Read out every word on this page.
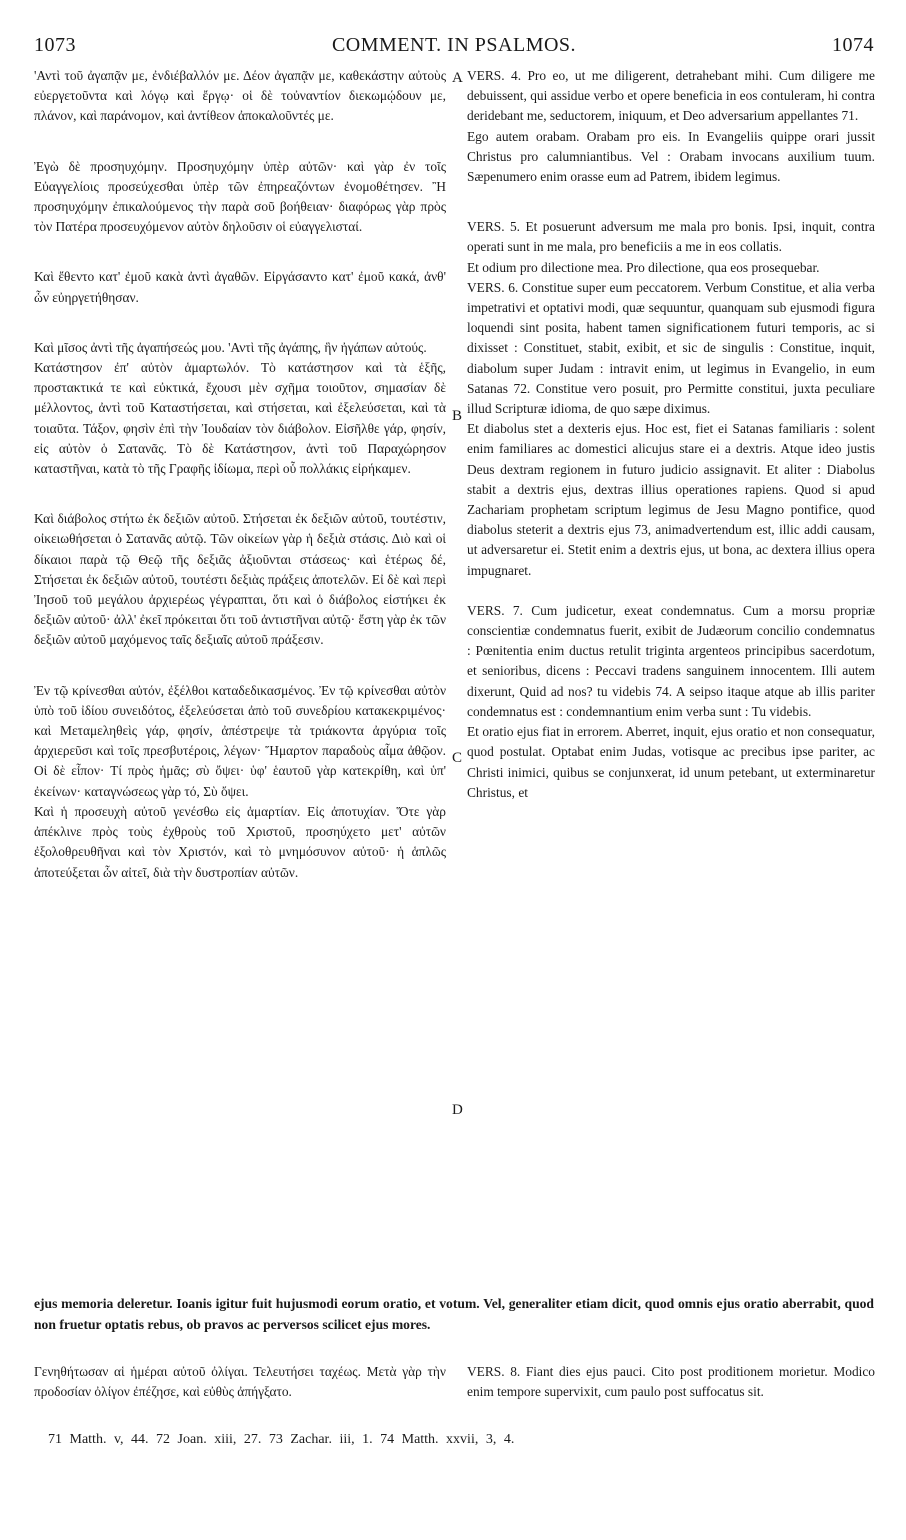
1073	COMMENT. IN PSALMOS.	1074
A
B
C
D

'Αντὶ τοῦ ἀγαπᾷν με, ἐνδιέβαλλόν με. Δέον ἀγαπᾷν με, καθεκάστην αὐτοὺς εὐεργετοῦντα καὶ λόγῳ καὶ ἔργῳ· οἱ δὲ τοὐναντίον διεκωμῴδουν με, πλάνον, καὶ παράνομον, καὶ ἀντίθεον ἀποκαλοῦντές με.

Ἐγὼ δὲ προσηυχόμην. Προσηυχόμην ὑπὲρ αὐτῶν· καὶ γὰρ ἐν τοῖς Εὐαγγελίοις προσεύχεσθαι ὑπὲρ τῶν ἐπηρεαζόντων ἐνομοθέτησεν. Ἢ προσηυχόμην ἐπικαλούμενος τὴν παρὰ σοῦ βοήθειαν· διαφόρως γὰρ πρὸς τὸν Πατέρα προσευχόμενον αὐτὸν δηλοῦσιν οἱ εὐαγγελισταί.

Καὶ ἔθεντο κατ' ἐμοῦ κακὰ ἀντὶ ἀγαθῶν. Εἰργάσαντο κατ' ἐμοῦ κακά, ἀνθ' ὧν εὐηργετήθησαν.

Καὶ μῖσος ἀντὶ τῆς ἀγαπήσεώς μου. 'Αντὶ τῆς ἀγάπης, ἣν ἠγάπων αὐτούς.

Κατάστησον ἐπ' αὐτὸν ἁμαρτωλόν. Τὸ κατάστησον καὶ τὰ ἑξῆς, προστακτικά τε καὶ εὐκτικά, ἔχουσι μὲν σχῆμα τοιοῦτον, σημασίαν δὲ μέλλοντος, ἀντὶ τοῦ Καταστήσεται, καὶ στήσεται, καὶ ἐξελεύσεται, καὶ τὰ τοιαῦτα. Τάξον, φησὶν ἐπὶ τὴν Ἰουδαίαν τὸν διάβολον. Εἰσῆλθε γάρ, φησίν, εἰς αὐτὸν ὁ Σατανᾶς. Τὸ δὲ Κατάστησον, ἀντὶ τοῦ Παραχώρησον καταστῆναι, κατὰ τὸ τῆς Γραφῆς ἰδίωμα, περὶ οὗ πολλάκις εἰρήκαμεν.

Καὶ διάβολος στήτω ἐκ δεξιῶν αὐτοῦ. Στήσεται ἐκ δεξιῶν αὐτοῦ, τουτέστιν, οἰκειωθήσεται ὁ Σατανᾶς αὐτῷ. Τῶν οἰκείων γὰρ ἡ δεξιὰ στάσις. Διὸ καὶ οἱ δίκαιοι παρὰ τῷ Θεῷ τῆς δεξιᾶς ἀξιοῦνται στάσεως· καὶ ἑτέρως δέ, Στήσεται ἐκ δεξιῶν αὐτοῦ, τουτέστι δεξιὰς πράξεις ἀποτελῶν. Εἰ δὲ καὶ περὶ Ἰησοῦ τοῦ μεγάλου ἀρχιερέως γέγραπται, ὅτι καὶ ὁ διάβολος εἱστήκει ἐκ δεξιῶν αὐτοῦ· ἀλλ' ἐκεῖ πρόκειται ὅτι τοῦ ἀντιστῆναι αὐτῷ· ἔστη γὰρ ἐκ τῶν δεξιῶν αὐτοῦ μαχόμενος ταῖς δεξιαῖς αὐτοῦ πράξεσιν.

Ἐν τῷ κρίνεσθαι αὐτόν, ἐξέλθοι καταδεδικασμένος. Ἐν τῷ κρίνεσθαι αὐτὸν ὑπὸ τοῦ ἰδίου συνειδότος, ἐξελεύσεται ἀπὸ τοῦ συνεδρίου κατακεκριμένος· καὶ Μεταμεληθεὶς γάρ, φησίν, ἀπέστρεψε τὰ τριάκοντα ἀργύρια τοῖς ἀρχιερεῦσι καὶ τοῖς πρεσβυτέροις, λέγων· Ἥμαρτον παραδοὺς αἷμα ἀθῷον. Οἱ δὲ εἶπον· Τί πρὸς ἡμᾶς; σὺ ὄψει· ὑφ' ἑαυτοῦ γὰρ κατεκρίθη, καὶ ὑπ' ἐκείνων· καταγνώσεως γὰρ τό, Σὺ ὄψει.

Καὶ ἡ προσευχὴ αὐτοῦ γενέσθω εἰς ἁμαρτίαν. Εἰς ἀποτυχίαν. Ὅτε γὰρ ἀπέκλινε πρὸς τοὺς ἐχθροὺς τοῦ Χριστοῦ, προσηύχετο μετ' αὐτῶν ἐξολοθρευθῆναι καὶ τὸν Χριστόν, καὶ τὸ μνημόσυνον αὐτοῦ· ἡ ἁπλῶς ἀποτεύξεται ὧν αἰτεῖ, διὰ τὴν δυστροπίαν αὐτῶν.

VERS. 4. Pro eo, ut me diligerent, detrahebant mihi. Cum diligere me debuissent, qui assidue verbo et opere beneficia in eos contuleram, hi contra deridebant me, seductorem, iniquum, et Deo adversarium appellantes 71.

Ego autem orabam. Orabam pro eis. In Evangeliis quippe orari jussit Christus pro calumniantibus. Vel : Orabam invocans auxilium tuum. Sæpenumero enim orasse eum ad Patrem, ibidem legimus.

VERS. 5. Et posuerunt adversum me mala pro bonis. Ipsi, inquit, contra operati sunt in me mala, pro beneficiis a me in eos collatis.

Et odium pro dilectione mea. Pro dilectione, qua eos prosequebar.

VERS. 6. Constitue super eum peccatorem. Verbum Constitue, et alia verba impetrativi et optativi modi, quæ sequuntur, quanquam sub ejusmodi figura loquendi sint posita, habent tamen significationem futuri temporis, ac si dixisset : Constituet, stabit, exibit, et sic de singulis : Constitue, inquit, diabolum super Judam : intravit enim, ut legimus in Evangelio, in eum Satanas 72. Constitue vero posuit, pro Permitte constitui, juxta peculiare illud Scripturæ idioma, de quo sæpe diximus.

Et diabolus stet a dexteris ejus. Hoc est, fiet ei Satanas familiaris : solent enim familiares ac domestici alicujus stare ei a dextris. Atque ideo justis Deus dextram regionem in futuro judicio assignavit. Et aliter : Diabolus stabit a dextris ejus, dextras illius operationes rapiens. Quod si apud Zachariam prophetam scriptum legimus de Jesu Magno pontifice, quod diabolus steterit a dextris ejus 73, animadvertendum est, illic addi causam, ut adversaretur ei. Stetit enim a dextris ejus, ut bona, ac dextera illius opera impugnaret.

VERS. 7. Cum judicetur, exeat condemnatus. Cum a morsu propriæ conscientiæ condemnatus fuerit, exibit de Judæorum concilio condemnatus : Pœnitentia enim ductus retulit triginta argenteos principibus sacerdotum, et senioribus, dicens : Peccavi tradens sanguinem innocentem. Illi autem dixerunt, Quid ad nos? tu videbis 74. A seipso itaque atque ab illis pariter condemnatus est : condemnantium enim verba sunt : Tu videbis.

Et oratio ejus fiat in errorem. Aberret, inquit, ejus oratio et non consequatur, quod postulat. Optabat enim Judas, votisque ac precibus ipse pariter, ac Christi inimici, quibus se conjunxerat, id unum petebant, ut exterminaretur Christus, et

ejus memoria deleretur. Ioanis igitur fuit hujusmodi eorum oratio, et votum. Vel, generaliter etiam dicit, quod omnis ejus oratio aberrabit, quod non fruetur optatis rebus, ob pravos ac perversos scilicet ejus mores.

Γενηθήτωσαν αἱ ἡμέραι αὐτοῦ ὀλίγαι. Τελευτήσει ταχέως. Μετὰ γὰρ τὴν προδοσίαν ὀλίγον ἐπέζησε, καὶ εὐθὺς ἀπήγξατο.

VERS. 8. Fiant dies ejus pauci. Cito post proditionem morietur. Modico enim tempore supervixit, cum paulo post suffocatus sit.

71 Matth. v, 44. 72 Joan. xiii, 27. 73 Zachar. iii, 1. 74 Matth. xxvii, 3, 4.
